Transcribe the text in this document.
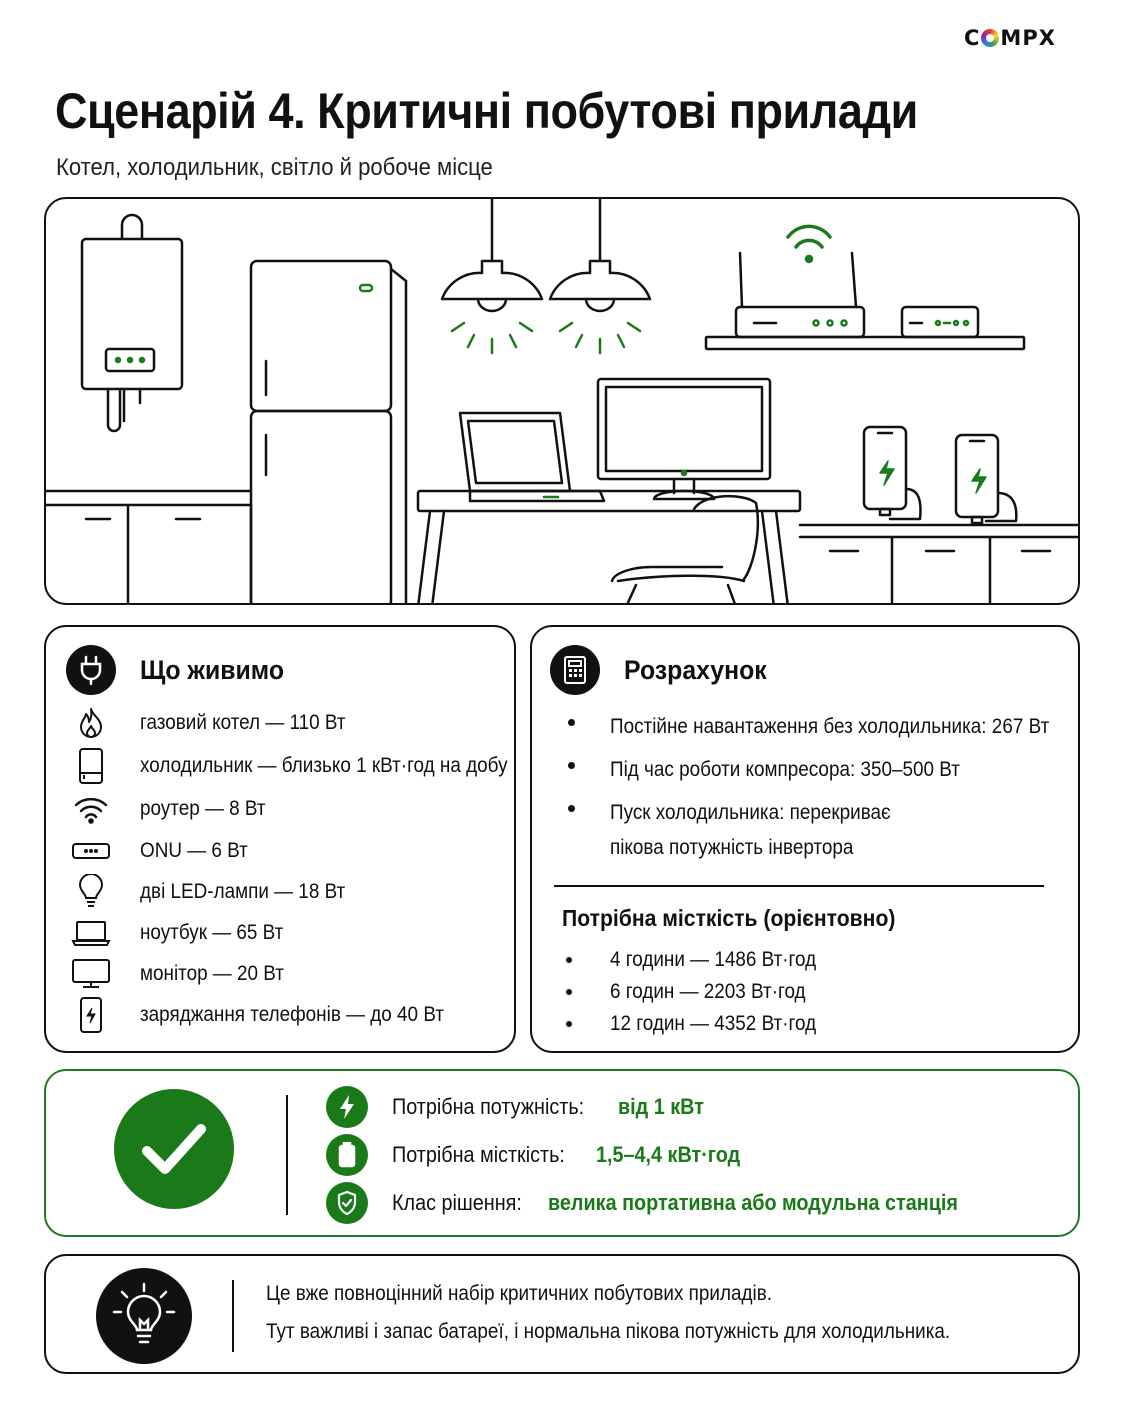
C MPX
Сценарій 4. Критичні побутові прилади
Котел, холодильник, світло й робоче місце
Що живимо
газовий котел — 110 Вт
холодильник — близько 1 кВт·год на добу
роутер — 8 Вт
ONU — 6 Вт
дві LED-лампи — 18 Вт
ноутбук — 65 Вт
монітор — 20 Вт
заряджання телефонів — до 40 Вт
Розрахунок
Постійне навантаження без холодильника: 267 Вт
Під час роботи компресора: 350–500 Вт
Пуск холодильника: перекриває
пікова потужність інвертора
Потрібна місткість (орієнтовно)
4 години — 1486 Вт·год
6 годин — 2203 Вт·год
12 годин — 4352 Вт·год
Потрібна потужність: від 1 кВт
Потрібна місткість: 1,5–4,4 кВт·год
Клас рішення: велика портативна або модульна станція
Це вже повноцінний набір критичних побутових приладів.
Тут важливі і запас батареї, і нормальна пікова потужність для холодильника.
